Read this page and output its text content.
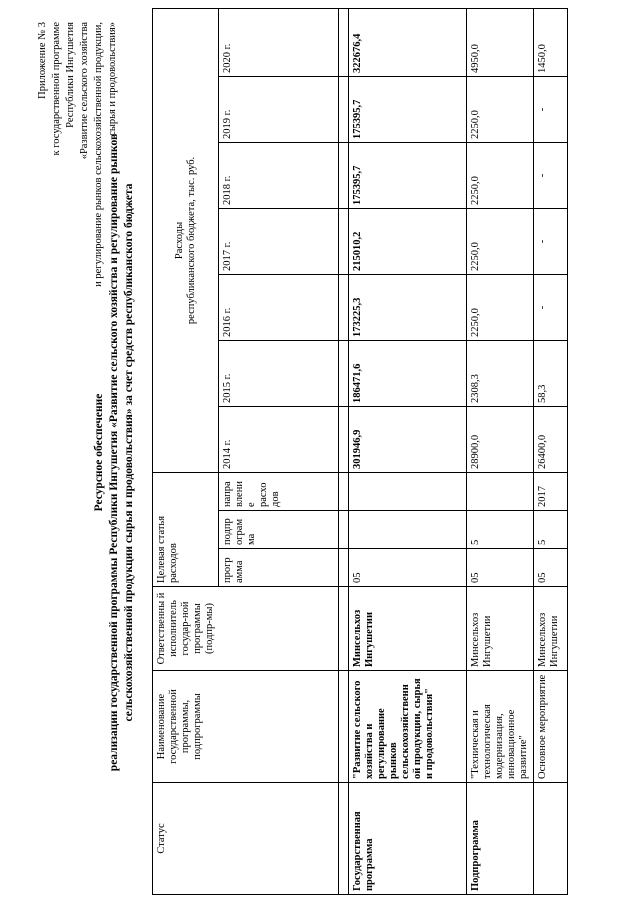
Приложение № 3 к государственной программе Республики Ингушетия «Развитие сельского хозяйства и регулирование рынков сельскохозяйственной продукции, сырья и продовольствия»
Ресурсное обеспечение реализации государственной программы Республики Ингушетия «Развитие сельского хозяйства и регулирование рынков сельскохозяйственной продукции сырья и продовольствия» за счет средств республиканского бюджета
Статус	Наименование государственной программы, подпрограммы	Ответственны й исполнитель государ-ной программы (подпр-мы)	Целевая статья расходов			Расходы республиканского бюджета, тыс. руб.						

			прогр амма	подпр ограм ма	напра влени е расхо дов	2014 г.	2015 г.	2016 г.	2017 г.	2018 г.	2019 г.	2020 г.

Государственная программа	"Развитие сельского хозяйства и регулирование рынков сельскохозяйственн ой продукции, сырья и продовольствия"	Минсельхоз Ингушетии	05			301946,9	186471,6	173225,3	215010,2	175395,7	175395,7	322676,4
Подпрограмма	"Техническая и технологическая модернизация, инновационное развитие"	Минсельхоз Ингушетии	05	5		28900,0	2308,3	2250,0	2250,0	2250,0	2250,0	4950,0
	Основное мероприятие	Минсельхоз Ингушетии	05	5	2017	26400,0	58,3	-	-	-	-	1450,0
